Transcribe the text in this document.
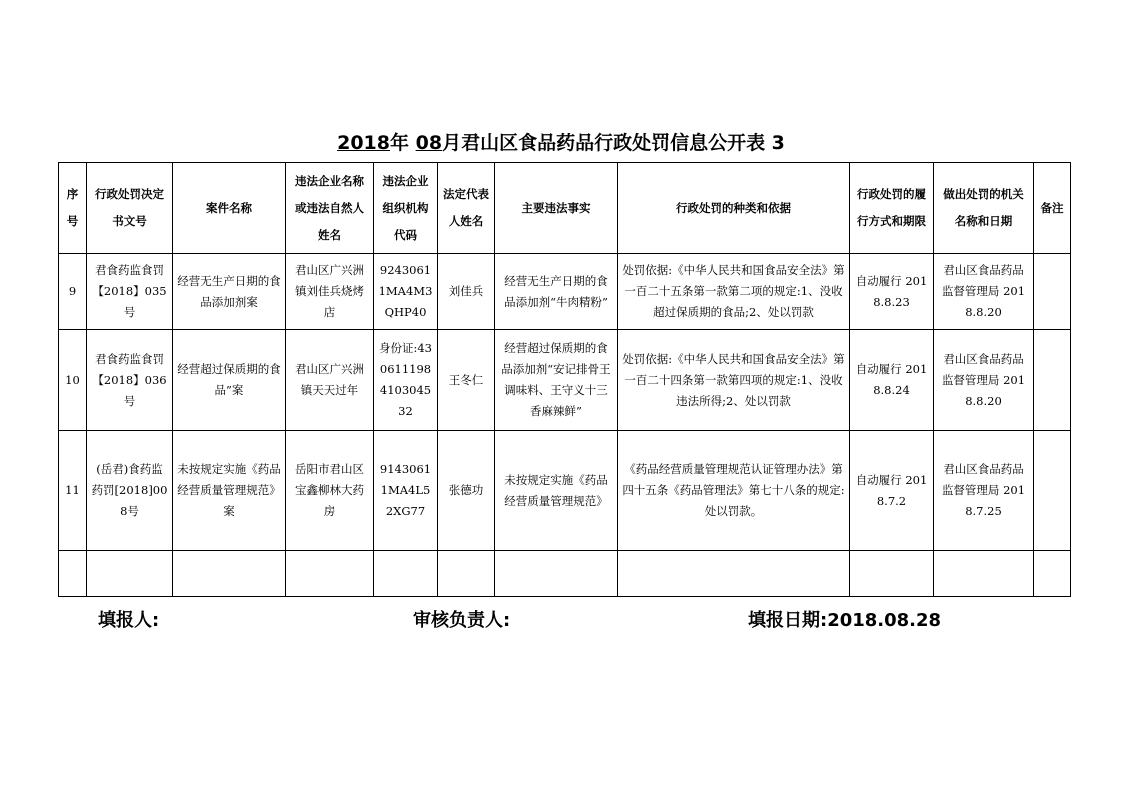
2018年 08月君山区食品药品行政处罚信息公开表 3
序号	行政处罚决定书文号	案件名称	违法企业名称或违法自然人姓名	违法企业组织机构代码	法定代表人姓名	主要违法事实	行政处罚的种类和依据	行政处罚的履行方式和期限	做出处罚的机关名称和日期	备注
9	君食药监食罚【2018】035号	经营无生产日期的食品添加剂案	君山区广兴洲镇刘佳兵烧烤店	92430611MA4M3QHP40	刘佳兵	经营无生产日期的食品添加剂“牛肉精粉”	处罚依据:《中华人民共和国食品安全法》第一百二十五条第一款第二项的规定:1、没收超过保质期的食品;2、处以罚款	自动履行 2018.8.23	君山区食品药品监督管理局 2018.8.20	
10	君食药监食罚【2018】036号	经营超过保质期的食品”案	君山区广兴洲镇天天过年	身份证:430611198410304532	王冬仁	经营超过保质期的食品添加剂“安记排骨王调味料、王守义十三香麻辣鲜”	处罚依据:《中华人民共和国食品安全法》第一百二十四条第一款第四项的规定:1、没收违法所得;2、处以罚款	自动履行 2018.8.24	君山区食品药品监督管理局 2018.8.20	
11	(岳君)食药监药罚[2018]008号	未按规定实施《药品经营质量管理规范》案	岳阳市君山区宝鑫柳林大药房	91430611MA4L52XG77	张德功	未按规定实施《药品经营质量管理规范》	《药品经营质量管理规范认证管理办法》第四十五条《药品管理法》第七十八条的规定:处以罚款。	自动履行 2018.7.2	君山区食品药品监督管理局 2018.7.25	

填报人:	审核负责人:	填报日期:2018.08.28
